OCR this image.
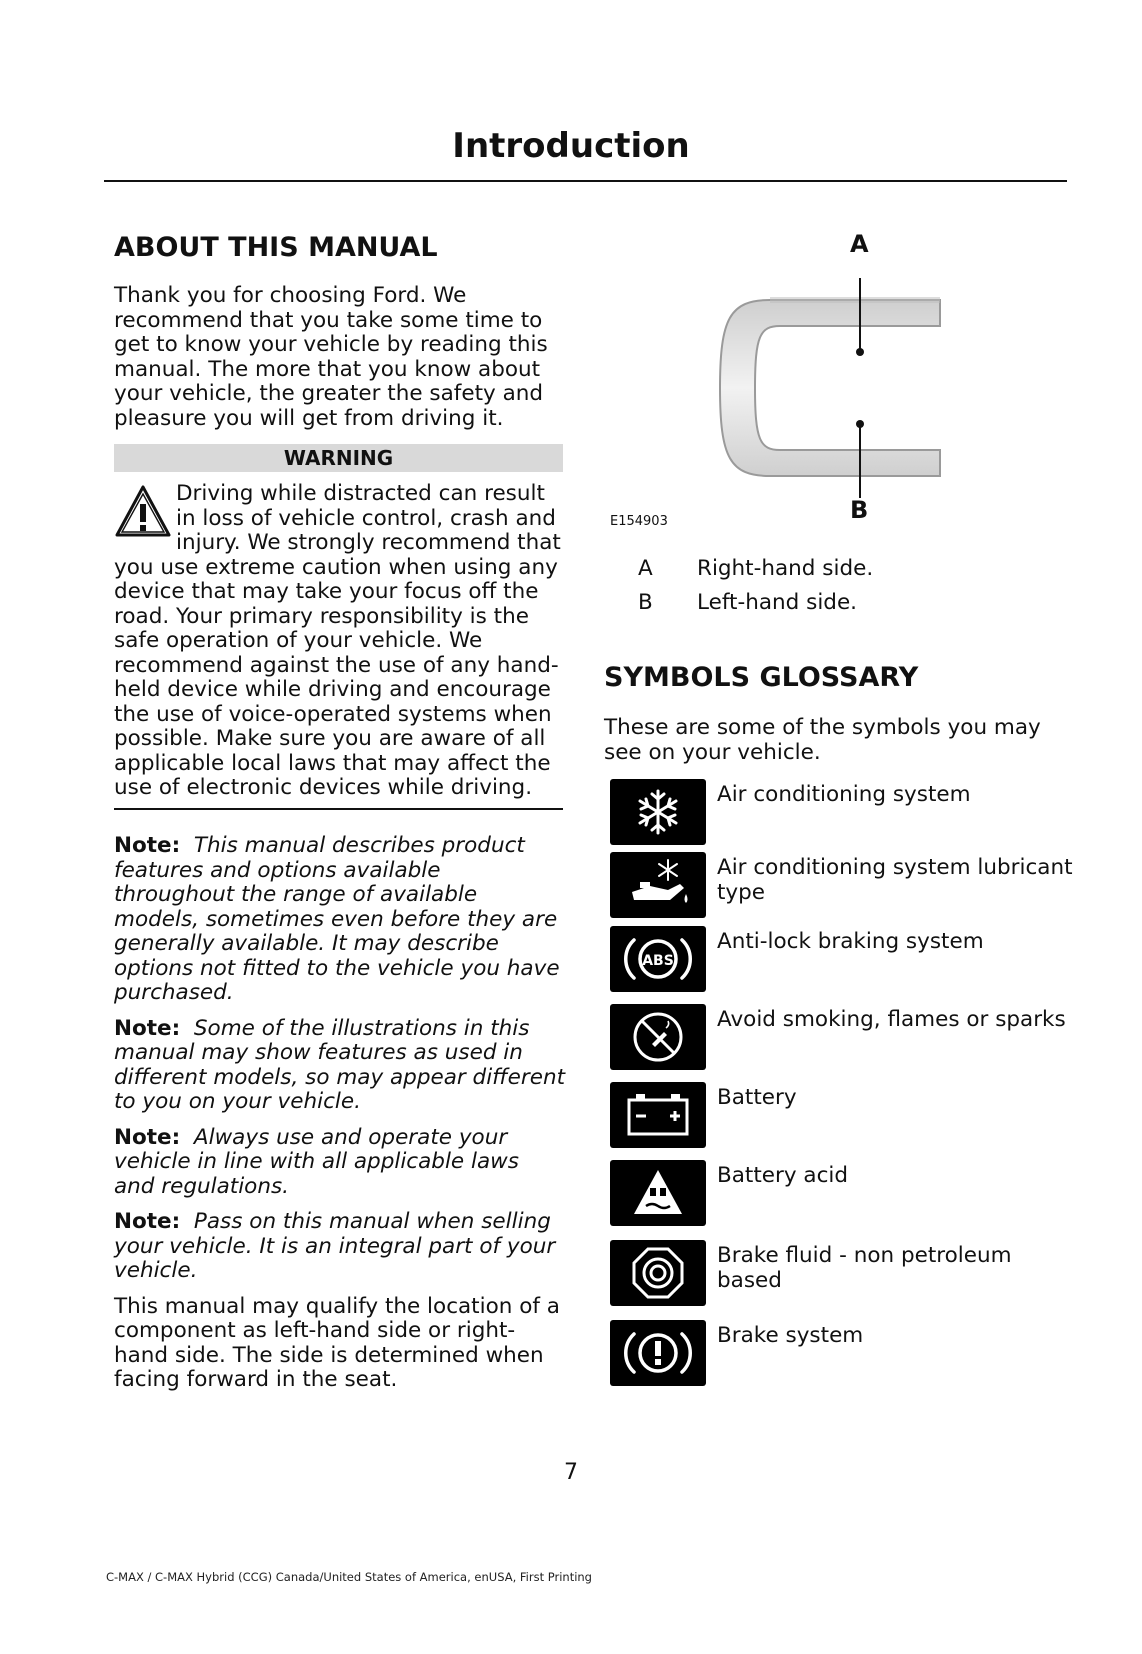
Introduction
ABOUT THIS MANUAL

Thank you for choosing Ford. We recommend that you take some time to get to know your vehicle by reading this manual. The more that you know about your vehicle, the greater the safety and pleasure you will get from driving it.

WARNING
Driving while distracted can result in loss of vehicle control, crash and injury. We strongly recommend that you use extreme caution when using any device that may take your focus off the road. Your primary responsibility is the safe operation of your vehicle. We recommend against the use of any hand-held device while driving and encourage the use of voice-operated systems when possible. Make sure you are aware of all applicable local laws that may affect the use of electronic devices while driving.

Note: This manual describes product features and options available throughout the range of available models, sometimes even before they are generally available. It may describe options not fitted to the vehicle you have purchased.

Note: Some of the illustrations in this manual may show features as used in different models, so may appear different to you on your vehicle.

Note: Always use and operate your vehicle in line with all applicable laws and regulations.

Note: Pass on this manual when selling your vehicle. It is an integral part of your vehicle.

This manual may qualify the location of a component as left-hand side or right-hand side. The side is determined when facing forward in the seat.

A
B
E154903
A Right-hand side.
B Left-hand side.
SYMBOLS GLOSSARY

These are some of the symbols you may see on your vehicle.

Air conditioning system
Air conditioning system lubricant type
ABS
Anti-lock braking system
Avoid smoking, flames or sparks
Battery
Battery acid
Brake fluid - non petroleum based
Brake system
7
C-MAX / C-MAX Hybrid (CCG) Canada/United States of America, enUSA, First Printing
